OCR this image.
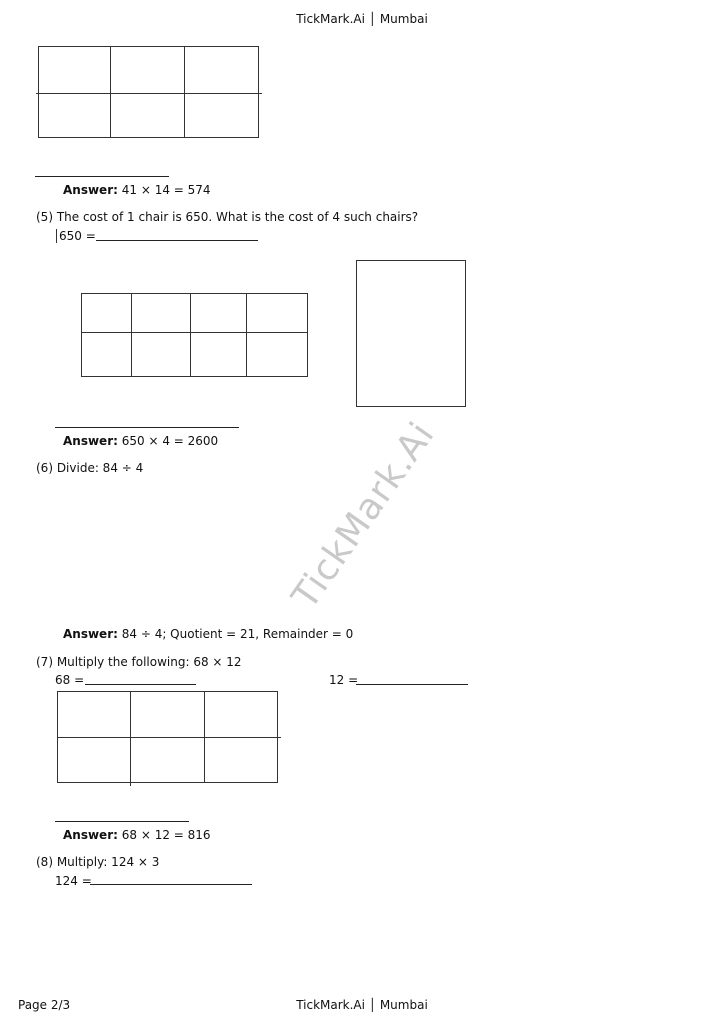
TickMark.Ai │ Mumbai
TickMark.Ai
Answer: 41 × 14 = 574
(5) The cost of 1 chair is 650. What is the cost of 4 such chairs?
650 =
Answer: 650 × 4 = 2600
(6) Divide: 84 ÷ 4
Answer: 84 ÷ 4; Quotient = 21, Remainder = 0
(7) Multiply the following: 68 × 12
68 =	12 =
Answer: 68 × 12 = 816
(8) Multiply: 124 × 3
124 =
Page 2/3	TickMark.Ai │ Mumbai
